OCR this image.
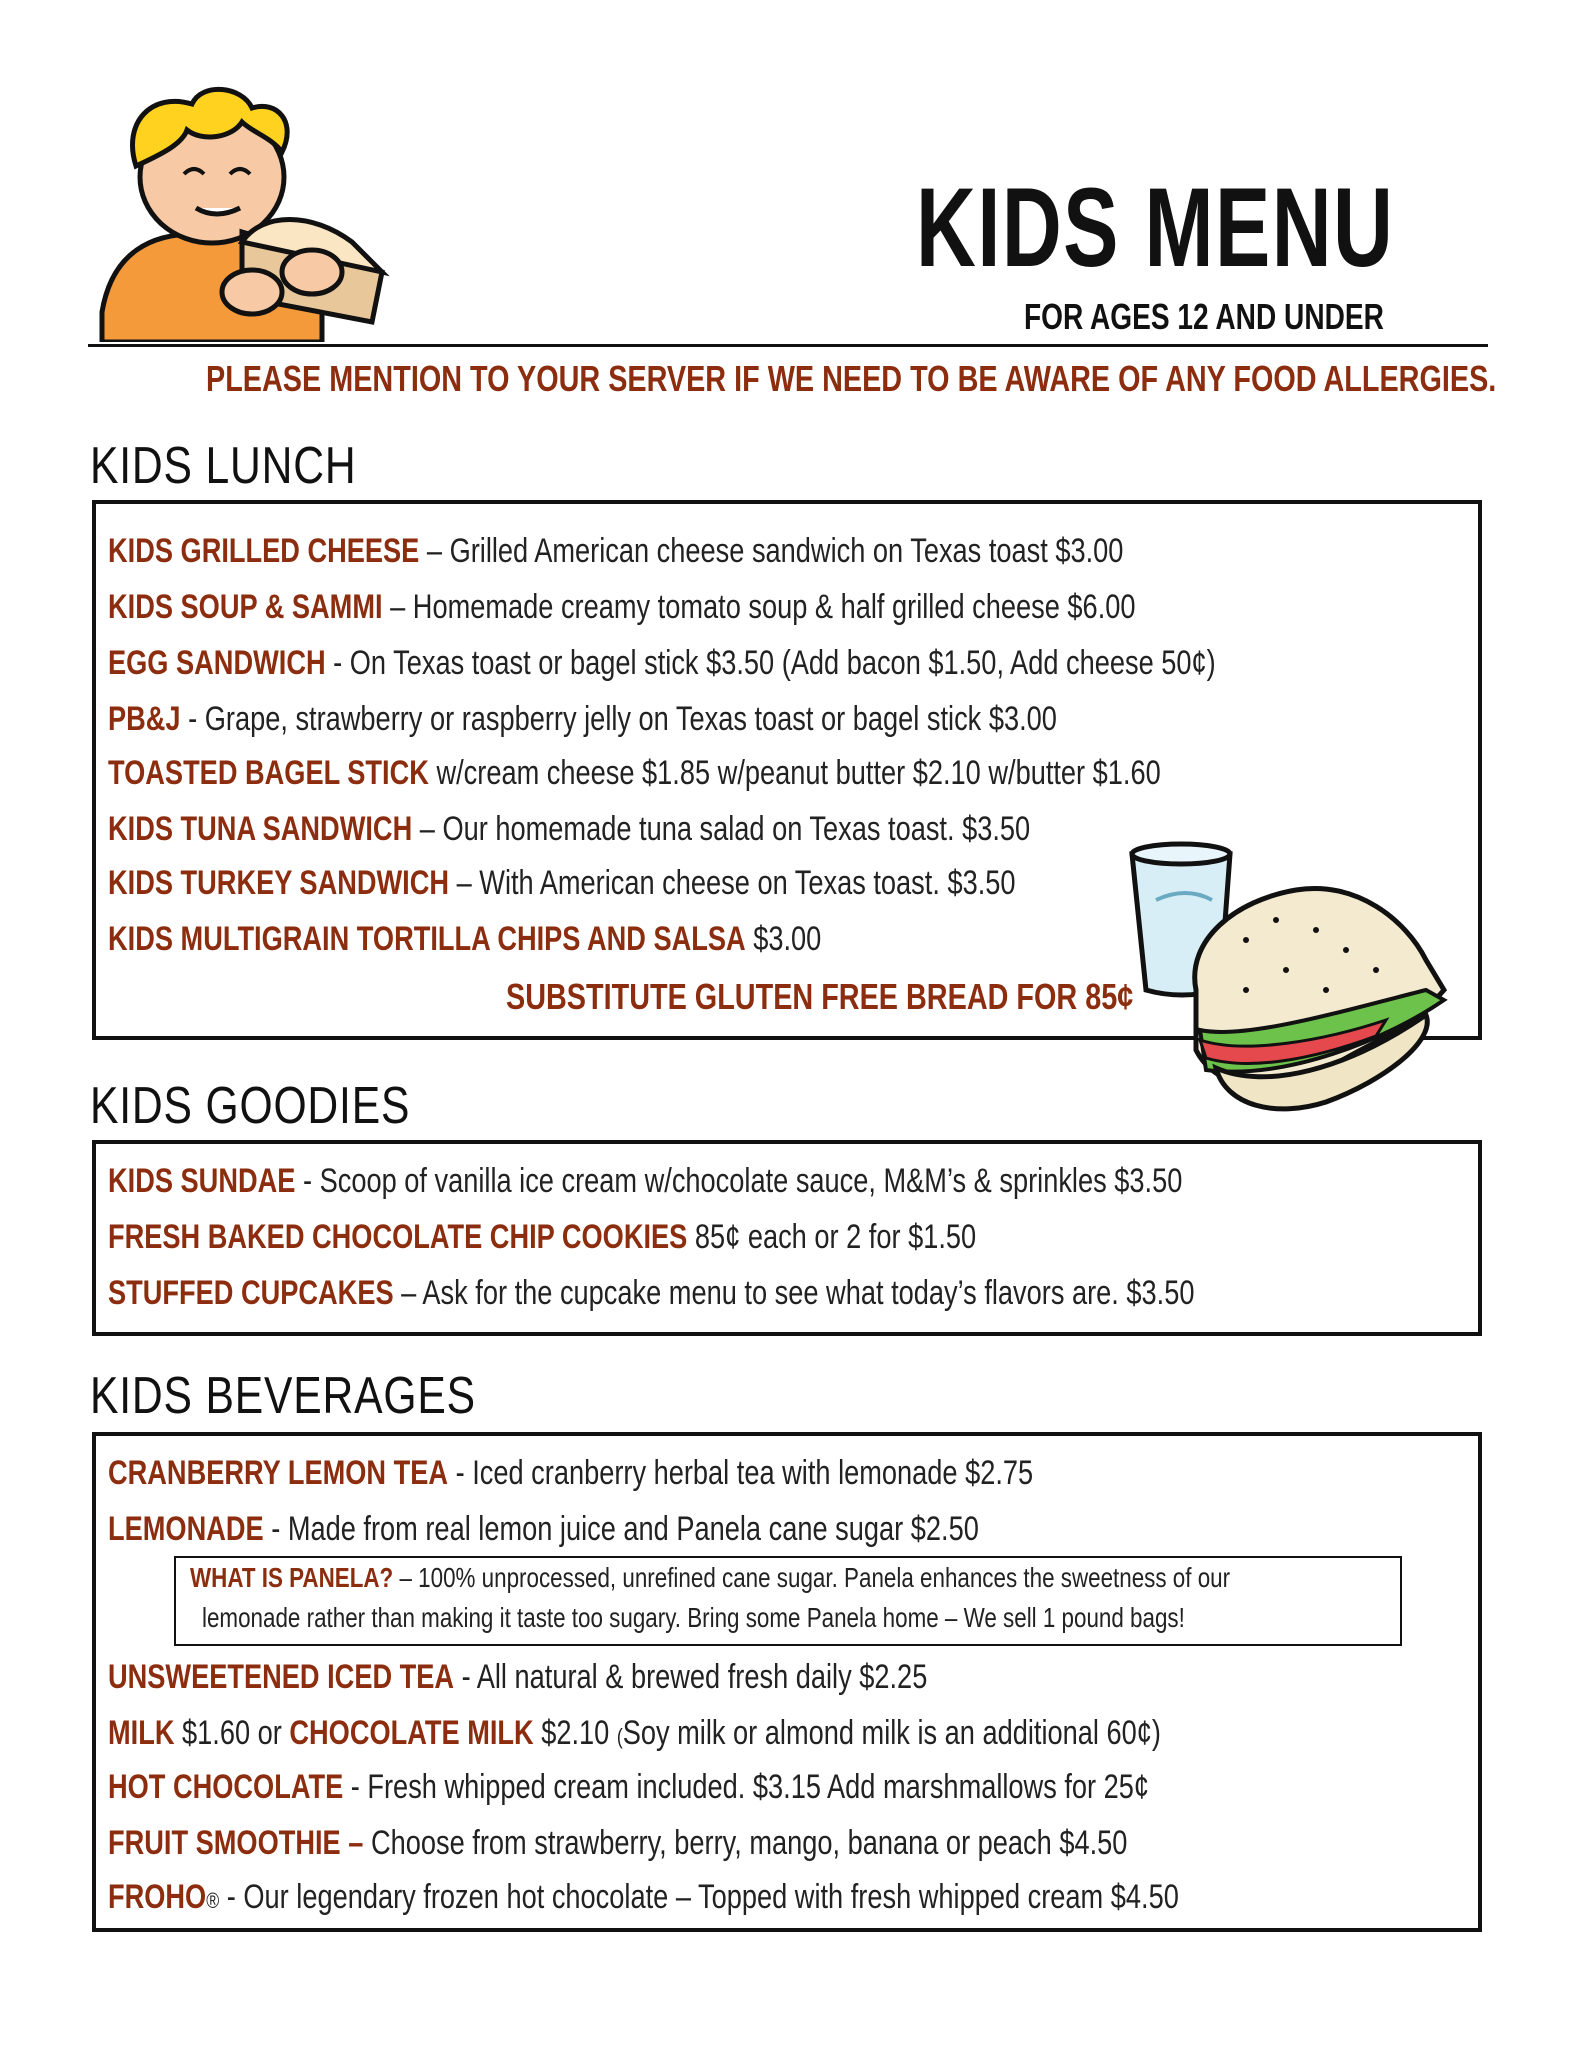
KIDS MENU
FOR AGES 12 AND UNDER
PLEASE MENTION TO YOUR SERVER IF WE NEED TO BE AWARE OF ANY FOOD ALLERGIES.
KIDS LUNCH
KIDS GRILLED CHEESE – Grilled American cheese sandwich on Texas toast $3.00
KIDS SOUP & SAMMI – Homemade creamy tomato soup & half grilled cheese $6.00
EGG SANDWICH - On Texas toast or bagel stick $3.50 (Add bacon $1.50, Add cheese 50¢)
PB&J - Grape, strawberry or raspberry jelly on Texas toast or bagel stick $3.00
TOASTED BAGEL STICK w/cream cheese $1.85 w/peanut butter $2.10 w/butter $1.60
KIDS TUNA SANDWICH – Our homemade tuna salad on Texas toast. $3.50
KIDS TURKEY SANDWICH – With American cheese on Texas toast. $3.50
KIDS MULTIGRAIN TORTILLA CHIPS AND SALSA $3.00
SUBSTITUTE GLUTEN FREE BREAD FOR 85¢
KIDS GOODIES
KIDS SUNDAE - Scoop of vanilla ice cream w/chocolate sauce, M&M’s & sprinkles $3.50
FRESH BAKED CHOCOLATE CHIP COOKIES 85¢ each or 2 for $1.50
STUFFED CUPCAKES – Ask for the cupcake menu to see what today’s flavors are. $3.50
KIDS BEVERAGES
CRANBERRY LEMON TEA - Iced cranberry herbal tea with lemonade $2.75
LEMONADE - Made from real lemon juice and Panela cane sugar $2.50
WHAT IS PANELA? – 100% unprocessed, unrefined cane sugar. Panela enhances the sweetness of our
lemonade rather than making it taste too sugary. Bring some Panela home – We sell 1 pound bags!
UNSWEETENED ICED TEA - All natural & brewed fresh daily $2.25
MILK $1.60 or CHOCOLATE MILK $2.10 (Soy milk or almond milk is an additional 60¢)
HOT CHOCOLATE - Fresh whipped cream included. $3.15 Add marshmallows for 25¢
FRUIT SMOOTHIE – Choose from strawberry, berry, mango, banana or peach $4.50
FROHO® - Our legendary frozen hot chocolate – Topped with fresh whipped cream $4.50
